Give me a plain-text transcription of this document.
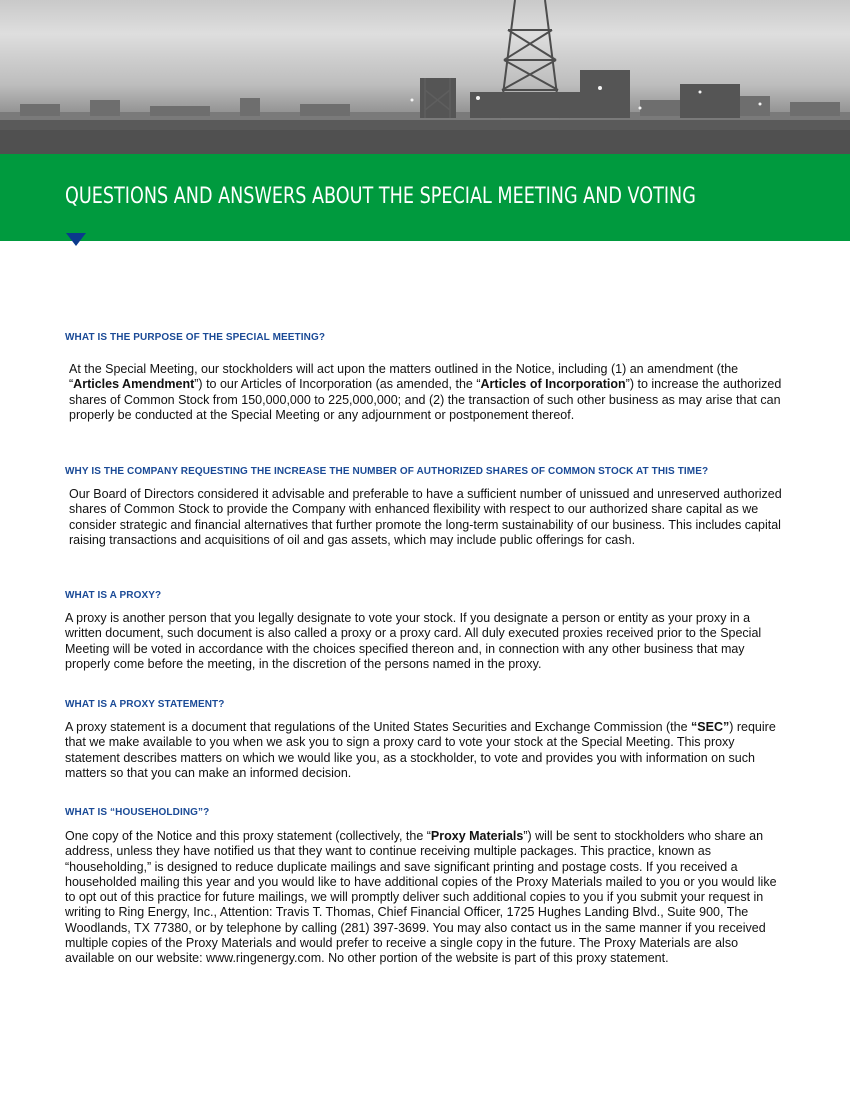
QUESTIONS AND ANSWERS ABOUT THE SPECIAL MEETING AND VOTING

WHAT IS THE PURPOSE OF THE SPECIAL MEETING?

At the Special Meeting, our stockholders will act upon the matters outlined in the Notice, including (1) an amendment (the “Articles Amendment”) to our Articles of Incorporation (as amended, the “Articles of Incorporation”) to increase the authorized shares of Common Stock from 150,000,000 to 225,000,000; and (2) the transaction of such other business as may arise that can properly be conducted at the Special Meeting or any adjournment or postponement thereof.

WHY IS THE COMPANY REQUESTING THE INCREASE THE NUMBER OF AUTHORIZED SHARES OF COMMON STOCK AT THIS TIME?

Our Board of Directors considered it advisable and preferable to have a sufficient number of unissued and unreserved authorized shares of Common Stock to provide the Company with enhanced flexibility with respect to our authorized share capital as we consider strategic and financial alternatives that further promote the long-term sustainability of our business. This includes capital raising transactions and acquisitions of oil and gas assets, which may include public offerings for cash.

WHAT IS A PROXY?

A proxy is another person that you legally designate to vote your stock. If you designate a person or entity as your proxy in a written document, such document is also called a proxy or a proxy card. All duly executed proxies received prior to the Special Meeting will be voted in accordance with the choices specified thereon and, in connection with any other business that may properly come before the meeting, in the discretion of the persons named in the proxy.

WHAT IS A PROXY STATEMENT?

A proxy statement is a document that regulations of the United States Securities and Exchange Commission (the “SEC”) require that we make available to you when we ask you to sign a proxy card to vote your stock at the Special Meeting. This proxy statement describes matters on which we would like you, as a stockholder, to vote and provides you with information on such matters so that you can make an informed decision.

WHAT IS “HOUSEHOLDING”?

One copy of the Notice and this proxy statement (collectively, the “Proxy Materials”) will be sent to stockholders who share an address, unless they have notified us that they want to continue receiving multiple packages. This practice, known as “householding,” is designed to reduce duplicate mailings and save significant printing and postage costs. If you received a householded mailing this year and you would like to have additional copies of the Proxy Materials mailed to you or you would like to opt out of this practice for future mailings, we will promptly deliver such additional copies to you if you submit your request in writing to Ring Energy, Inc., Attention: Travis T. Thomas, Chief Financial Officer, 1725 Hughes Landing Blvd., Suite 900, The Woodlands, TX 77380, or by telephone by calling (281) 397-3699. You may also contact us in the same manner if you received multiple copies of the Proxy Materials and would prefer to receive a single copy in the future. The Proxy Materials are also available on our website: www.ringenergy.com. No other portion of the website is part of this proxy statement.
